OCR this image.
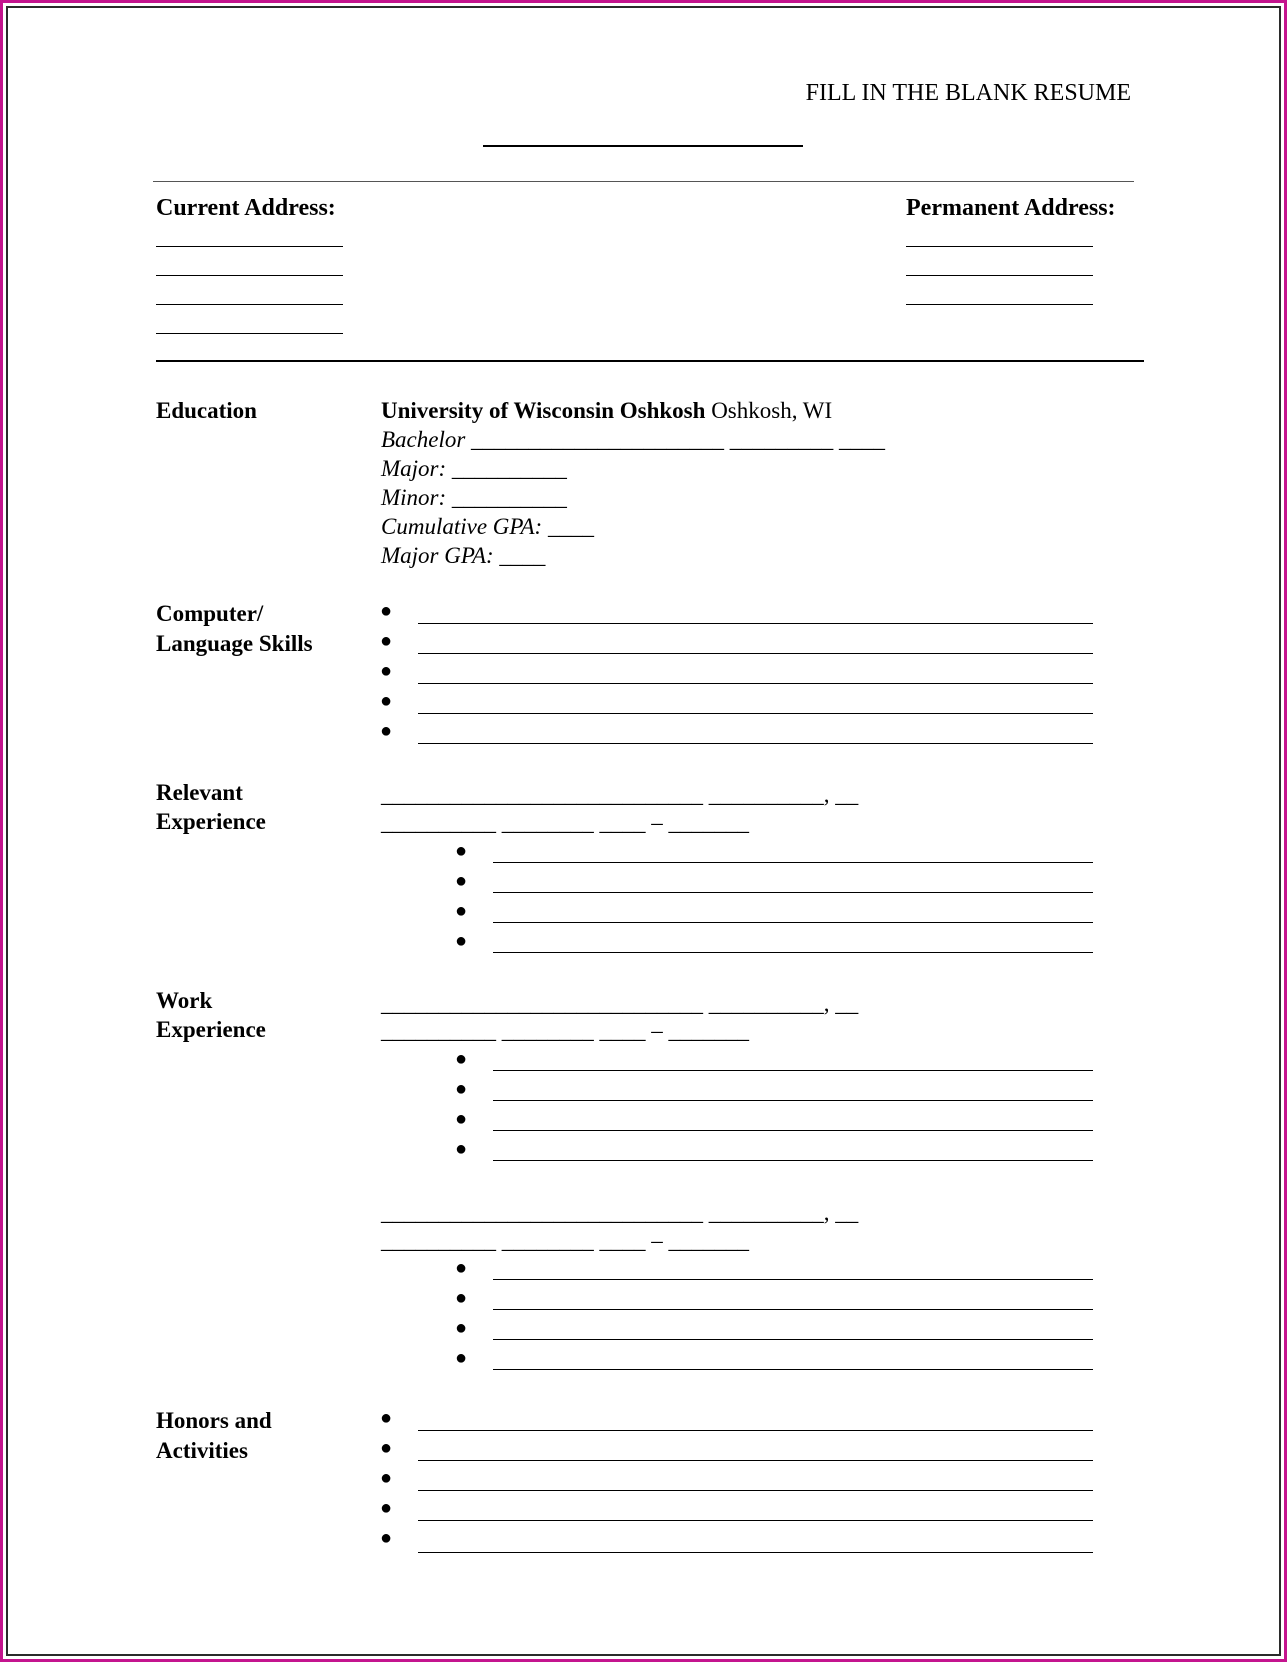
FILL IN THE BLANK RESUME
Current Address:	Permanent Address:
Education	University of Wisconsin Oshkosh Oshkosh, WI
Bachelor ______________________ _________ ____
Major: __________
Minor: __________
Cumulative GPA: ____
Major GPA: ____
Computer/
Language Skills
●
●
●
●
●
Relevant
Experience
____________________________ __________, __
__________ ________ ____ – _______
●
●
●
●
Work
Experience
____________________________ __________, __
__________ ________ ____ – _______
●
●
●
●
____________________________ __________, __
__________ ________ ____ – _______
●
●
●
●
Honors and
Activities
●
●
●
●
●
